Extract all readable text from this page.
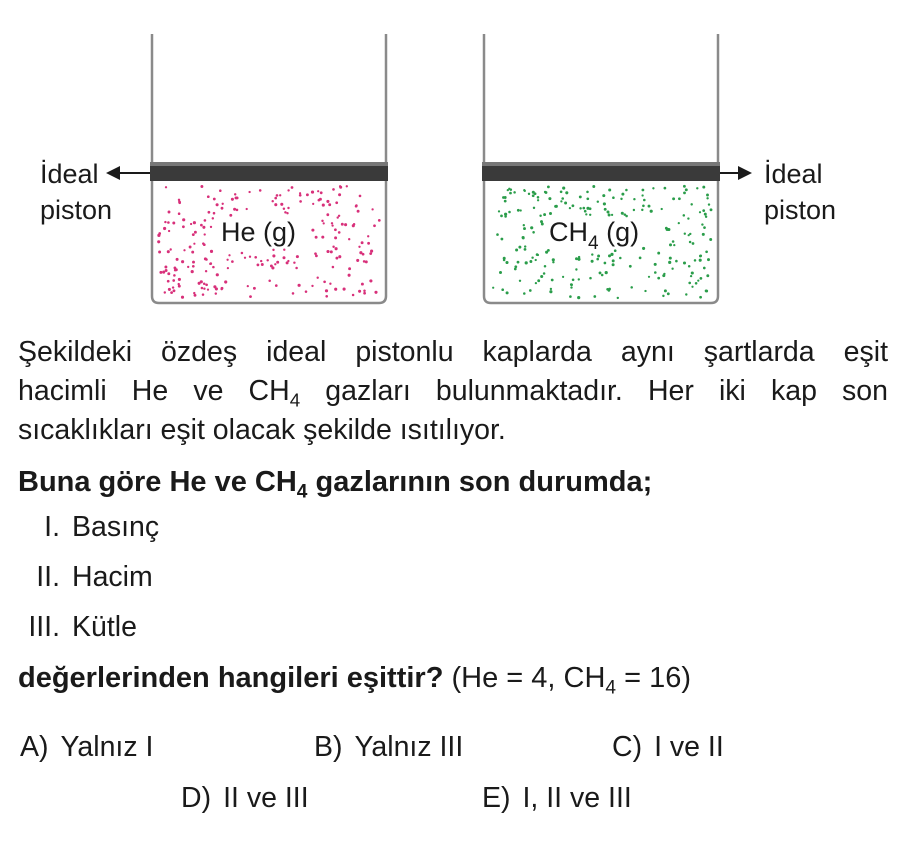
İdeal
piston
He (g)
İdeal
piston
$CH_4$ (g)

Şekildeki özdeş ideal pistonlu kaplarda aynı şartlarda eşit
hacimli He ve $CH_4$ gazları bulunmaktadır. Her iki kap son
sıcaklıkları eşit olacak şekilde ısıtılıyor.

Buna göre He ve $CH_4$ gazlarının son durumda;

I. Basınç
II. Hacim
III. Kütle

değerlerinden hangileri eşittir? (He = 4, $CH_4 = 16$)

A) Yalnız I	B) Yalnız III	C) I ve II
D) II ve III	E) I, II ve III
